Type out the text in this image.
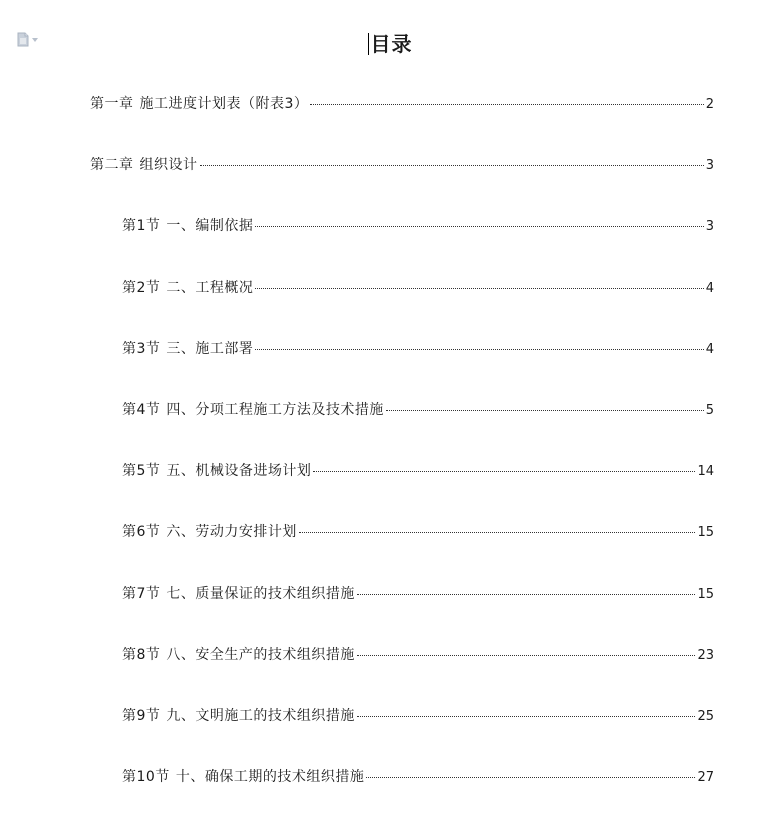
目录
第一章 施工进度计划表（附表3）	2
第二章 组织设计	3
第1节 一、编制依据	3
第2节 二、工程概况	4
第3节 三、施工部署	4
第4节 四、分项工程施工方法及技术措施	5
第5节 五、机械设备进场计划	14
第6节 六、劳动力安排计划	15
第7节 七、质量保证的技术组织措施	15
第8节 八、安全生产的技术组织措施	23
第9节 九、文明施工的技术组织措施	25
第10节 十、确保工期的技术组织措施	27
